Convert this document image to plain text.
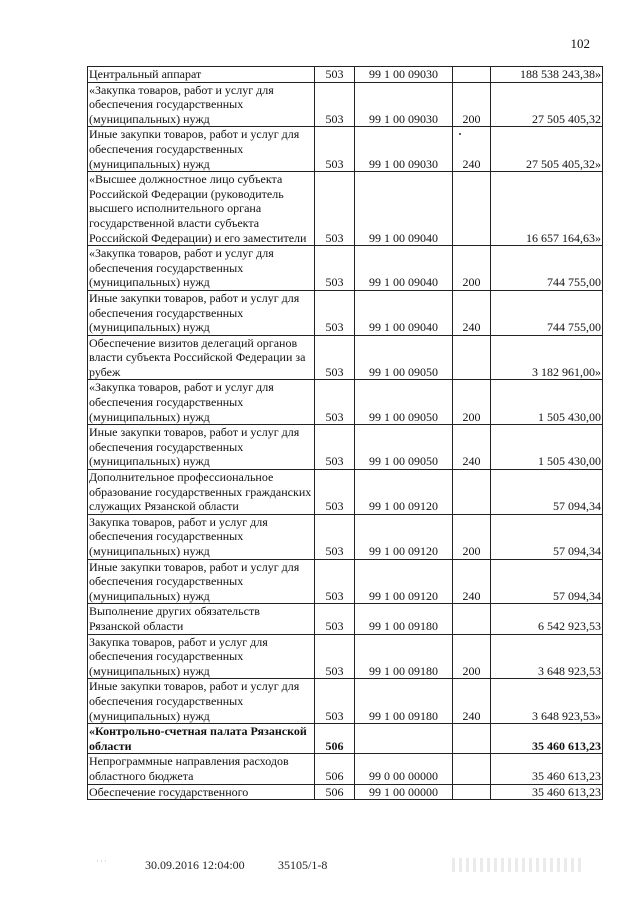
102
Центральный аппарат	503	99 1 00 09030		188 538 243,38»
«Закупка товаров, работ и услуг для обеспечения государственных (муниципальных) нужд	503	99 1 00 09030	200	27 505 405,32
Иные закупки товаров, работ и услуг для обеспечения государственных (муниципальных) нужд	503	99 1 00 09030	240	27 505 405,32»
«Высшее должностное лицо субъекта Российской Федерации (руководитель высшего исполнительного органа государственной власти субъекта Российской Федерации) и его заместители	503	99 1 00 09040		16 657 164,63»
«Закупка товаров, работ и услуг для обеспечения государственных (муниципальных) нужд	503	99 1 00 09040	200	744 755,00
Иные закупки товаров, работ и услуг для обеспечения государственных (муниципальных) нужд	503	99 1 00 09040	240	744 755,00
Обеспечение визитов делегаций органов власти субъекта Российской Федерации за рубеж	503	99 1 00 09050		3 182 961,00»
«Закупка товаров, работ и услуг для обеспечения государственных (муниципальных) нужд	503	99 1 00 09050	200	1 505 430,00
Иные закупки товаров, работ и услуг для обеспечения государственных (муниципальных) нужд	503	99 1 00 09050	240	1 505 430,00
Дополнительное профессиональное образование государственных гражданских служащих Рязанской области	503	99 1 00 09120		57 094,34
Закупка товаров, работ и услуг для обеспечения государственных (муниципальных) нужд	503	99 1 00 09120	200	57 094,34
Иные закупки товаров, работ и услуг для обеспечения государственных (муниципальных) нужд	503	99 1 00 09120	240	57 094,34
Выполнение других обязательств Рязанской области	503	99 1 00 09180		6 542 923,53
Закупка товаров, работ и услуг для обеспечения государственных (муниципальных) нужд	503	99 1 00 09180	200	3 648 923,53
Иные закупки товаров, работ и услуг для обеспечения государственных (муниципальных) нужд	503	99 1 00 09180	240	3 648 923,53»
«Контрольно-счетная палата Рязанской области	506			35 460 613,23
Непрограммные направления расходов областного бюджета	506	99 0 00 00000		35 460 613,23
Обеспечение государственного	506	99 1 00 00000		35 460 613,23
···	30.09.2016 12:04:00	35105/1-8
